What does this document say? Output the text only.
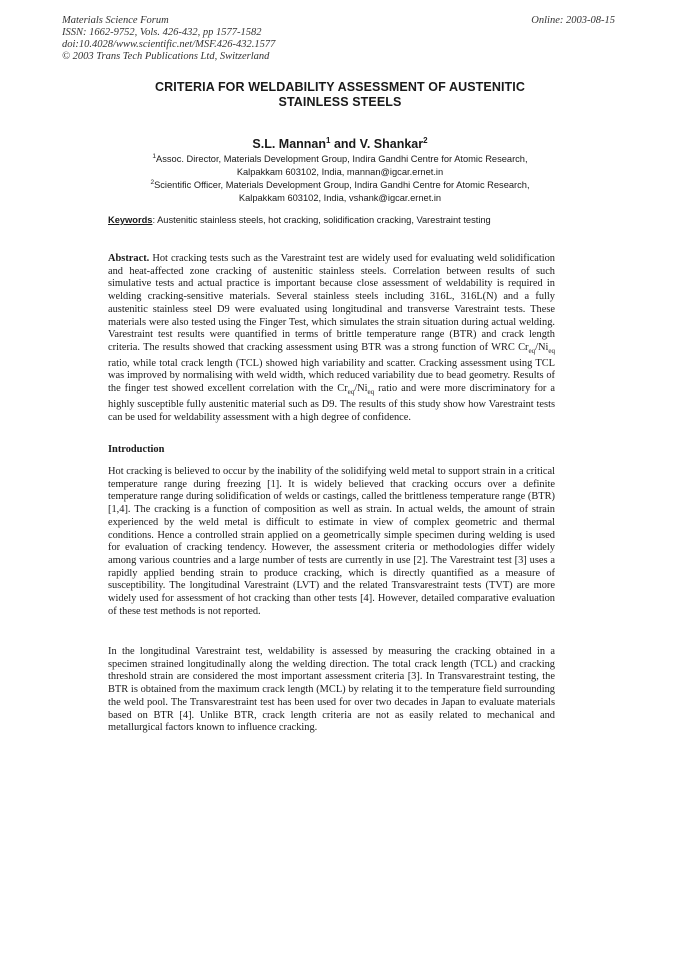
Materials Science Forum
ISSN: 1662-9752, Vols. 426-432, pp 1577-1582
doi:10.4028/www.scientific.net/MSF.426-432.1577
© 2003 Trans Tech Publications Ltd, Switzerland
Online: 2003-08-15
CRITERIA FOR WELDABILITY ASSESSMENT OF AUSTENITIC
STAINLESS STEELS
S.L. Mannan$^1$ and V. Shankar$^2$
$^1$Assoc. Director, Materials Development Group, Indira Gandhi Centre for Atomic Research,
Kalpakkam 603102, India, mannan@igcar.ernet.in
$^2$Scientific Officer, Materials Development Group, Indira Gandhi Centre for Atomic Research,
Kalpakkam 603102, India, vshank@igcar.ernet.in
Keywords: Austenitic stainless steels, hot cracking, solidification cracking, Varestraint testing
Abstract. Hot cracking tests such as the Varestraint test are widely used for evaluating weld solidification and heat-affected zone cracking of austenitic stainless steels. Correlation between results of such simulative tests and actual practice is important because close assessment of weldability is required in welding cracking-sensitive materials. Several stainless steels including 316L, 316L(N) and a fully austenitic stainless steel D9 were evaluated using longitudinal and transverse Varestraint tests. These materials were also tested using the Finger Test, which simulates the strain situation during actual welding. Varestraint test results were quantified in terms of brittle temperature range (BTR) and crack length criteria. The results showed that cracking assessment using BTR was a strong function of WRC $Cr_{eq}/Ni_{eq}$ ratio, while total crack length (TCL) showed high variability and scatter. Cracking assessment using TCL was improved by normalising with weld width, which reduced variability due to bead geometry. Results of the finger test showed excellent correlation with the $Cr_{eq}/Ni_{eq}$ ratio and were more discriminatory for a highly susceptible fully austenitic material such as D9. The results of this study show how Varestraint tests can be used for weldability assessment with a high degree of confidence.
Introduction
Hot cracking is believed to occur by the inability of the solidifying weld metal to support strain in a critical temperature range during freezing [1]. It is widely believed that cracking occurs over a definite temperature range during solidification of welds or castings, called the brittleness temperature range (BTR) [1,4]. The cracking is a function of composition as well as strain. In actual welds, the amount of strain experienced by the weld metal is difficult to estimate in view of complex geometric and thermal conditions. Hence a controlled strain applied on a geometrically simple specimen during welding is used for evaluation of cracking tendency. However, the assessment criteria or methodologies differ widely among various countries and a large number of tests are currently in use [2]. The Varestraint test [3] uses a rapidly applied bending strain to produce cracking, which is directly quantified as a measure of susceptibility. The longitudinal Varestraint (LVT) and the related Transvarestraint tests (TVT) are more widely used for assessment of hot cracking than other tests [4]. However, detailed comparative evaluation of these test methods is not reported.
In the longitudinal Varestraint test, weldability is assessed by measuring the cracking obtained in a specimen strained longitudinally along the welding direction. The total crack length (TCL) and cracking threshold strain are considered the most important assessment criteria [3]. In Transvarestraint testing, the BTR is obtained from the maximum crack length (MCL) by relating it to the temperature field surrounding the weld pool. The Transvarestraint test has been used for over two decades in Japan to evaluate materials based on BTR [4]. Unlike BTR, crack length criteria are not as easily related to mechanical and metallurgical factors known to influence cracking.
